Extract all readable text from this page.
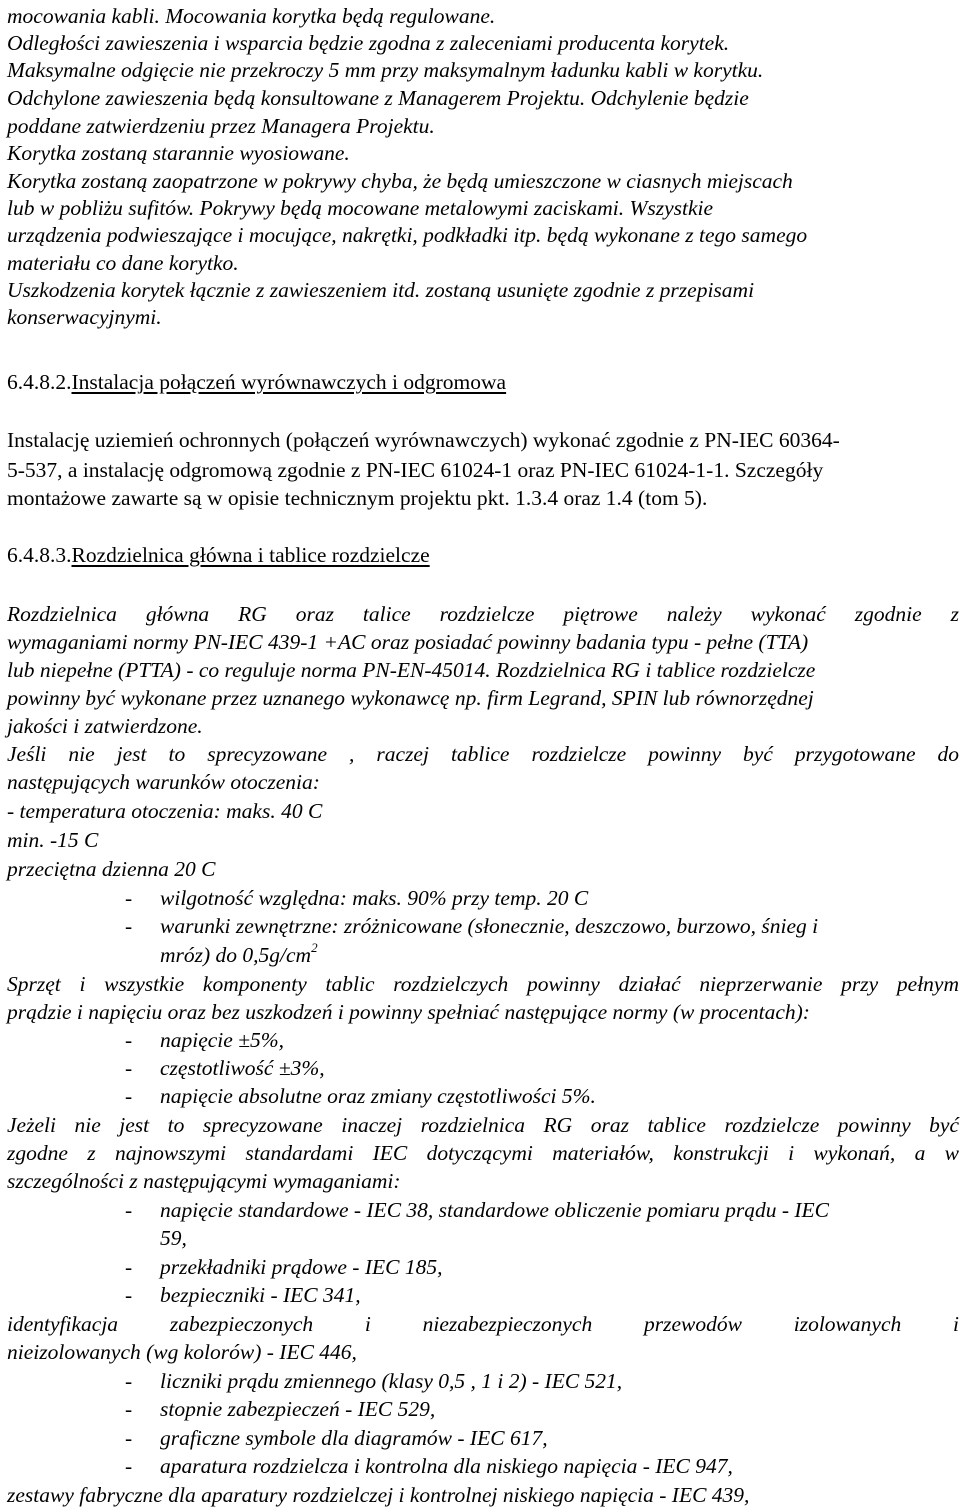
mocowania kabli. Mocowania korytka będą regulowane.
Odległości zawieszenia i wsparcia będzie zgodna z zaleceniami producenta korytek.
Maksymalne odgięcie nie przekroczy 5 mm przy maksymalnym ładunku kabli w korytku.
Odchylone zawieszenia będą konsultowane z Managerem Projektu. Odchylenie będzie
poddane zatwierdzeniu przez Managera Projektu.
Korytka zostaną starannie wyosiowane.
Korytka zostaną zaopatrzone w pokrywy chyba, że będą umieszczone w ciasnych miejscach
lub w pobliżu sufitów. Pokrywy będą mocowane metalowymi zaciskami. Wszystkie
urządzenia podwieszające i mocujące, nakrętki, podkładki itp. będą wykonane z tego samego
materiału co dane korytko.
Uszkodzenia korytek łącznie z zawieszeniem itd. zostaną usunięte zgodnie z przepisami
konserwacyjnymi.
6.4.8.2.Instalacja połączeń wyrównawczych i odgromowa
Instalację uziemień ochronnych (połączeń wyrównawczych) wykonać zgodnie z PN-IEC 60364-
5-537, a instalację odgromową zgodnie z PN-IEC 61024-1 oraz PN-IEC 61024-1-1. Szczegóły
montażowe zawarte są w opisie technicznym projektu pkt. 1.3.4 oraz 1.4 (tom 5).
6.4.8.3.Rozdzielnica główna i tablice rozdzielcze
Rozdzielnica główna RG oraz talice rozdzielcze piętrowe należy wykonać zgodnie z
wymaganiami normy PN-IEC 439-1 +AC oraz posiadać powinny badania typu - pełne (TTA)
lub niepełne (PTTA) - co reguluje norma PN-EN-45014. Rozdzielnica RG i tablice rozdzielcze
powinny być wykonane przez uznanego wykonawcę np. firm Legrand, SPIN lub równorzędnej
jakości i zatwierdzone.
Jeśli nie jest to sprecyzowane , raczej tablice rozdzielcze powinny być przygotowane do
następujących warunków otoczenia:
- temperatura otoczenia: maks. 40 C
min. -15 C
przeciętna dzienna 20 C
- wilgotność względna: maks. 90% przy temp. 20 C
- warunki zewnętrzne: zróżnicowane (słonecznie, deszczowo, burzowo, śnieg i
mróz) do $0,5g/cm^2$
Sprzęt i wszystkie komponenty tablic rozdzielczych powinny działać nieprzerwanie przy pełnym
prądzie i napięciu oraz bez uszkodzeń i powinny spełniać następujące normy (w procentach):
- napięcie ±5%,
- częstotliwość ±3%,
- napięcie absolutne oraz zmiany częstotliwości 5%.
Jeżeli nie jest to sprecyzowane inaczej rozdzielnica RG oraz tablice rozdzielcze powinny być
zgodne z najnowszymi standardami IEC dotyczącymi materiałów, konstrukcji i wykonań, a w
szczególności z następującymi wymaganiami:
- napięcie standardowe - IEC 38, standardowe obliczenie pomiaru prądu - IEC
59,
- przekładniki prądowe - IEC 185,
- bezpieczniki - IEC 341,
identyfikacja zabezpieczonych i niezabezpieczonych przewodów izolowanych i
nieizolowanych (wg kolorów) - IEC 446,
- liczniki prądu zmiennego (klasy 0,5 , 1 i 2) - IEC 521,
- stopnie zabezpieczeń - IEC 529,
- graficzne symbole dla diagramów - IEC 617,
- aparatura rozdzielcza i kontrolna dla niskiego napięcia - IEC 947,
zestawy fabryczne dla aparatury rozdzielczej i kontrolnej niskiego napięcia - IEC 439,
